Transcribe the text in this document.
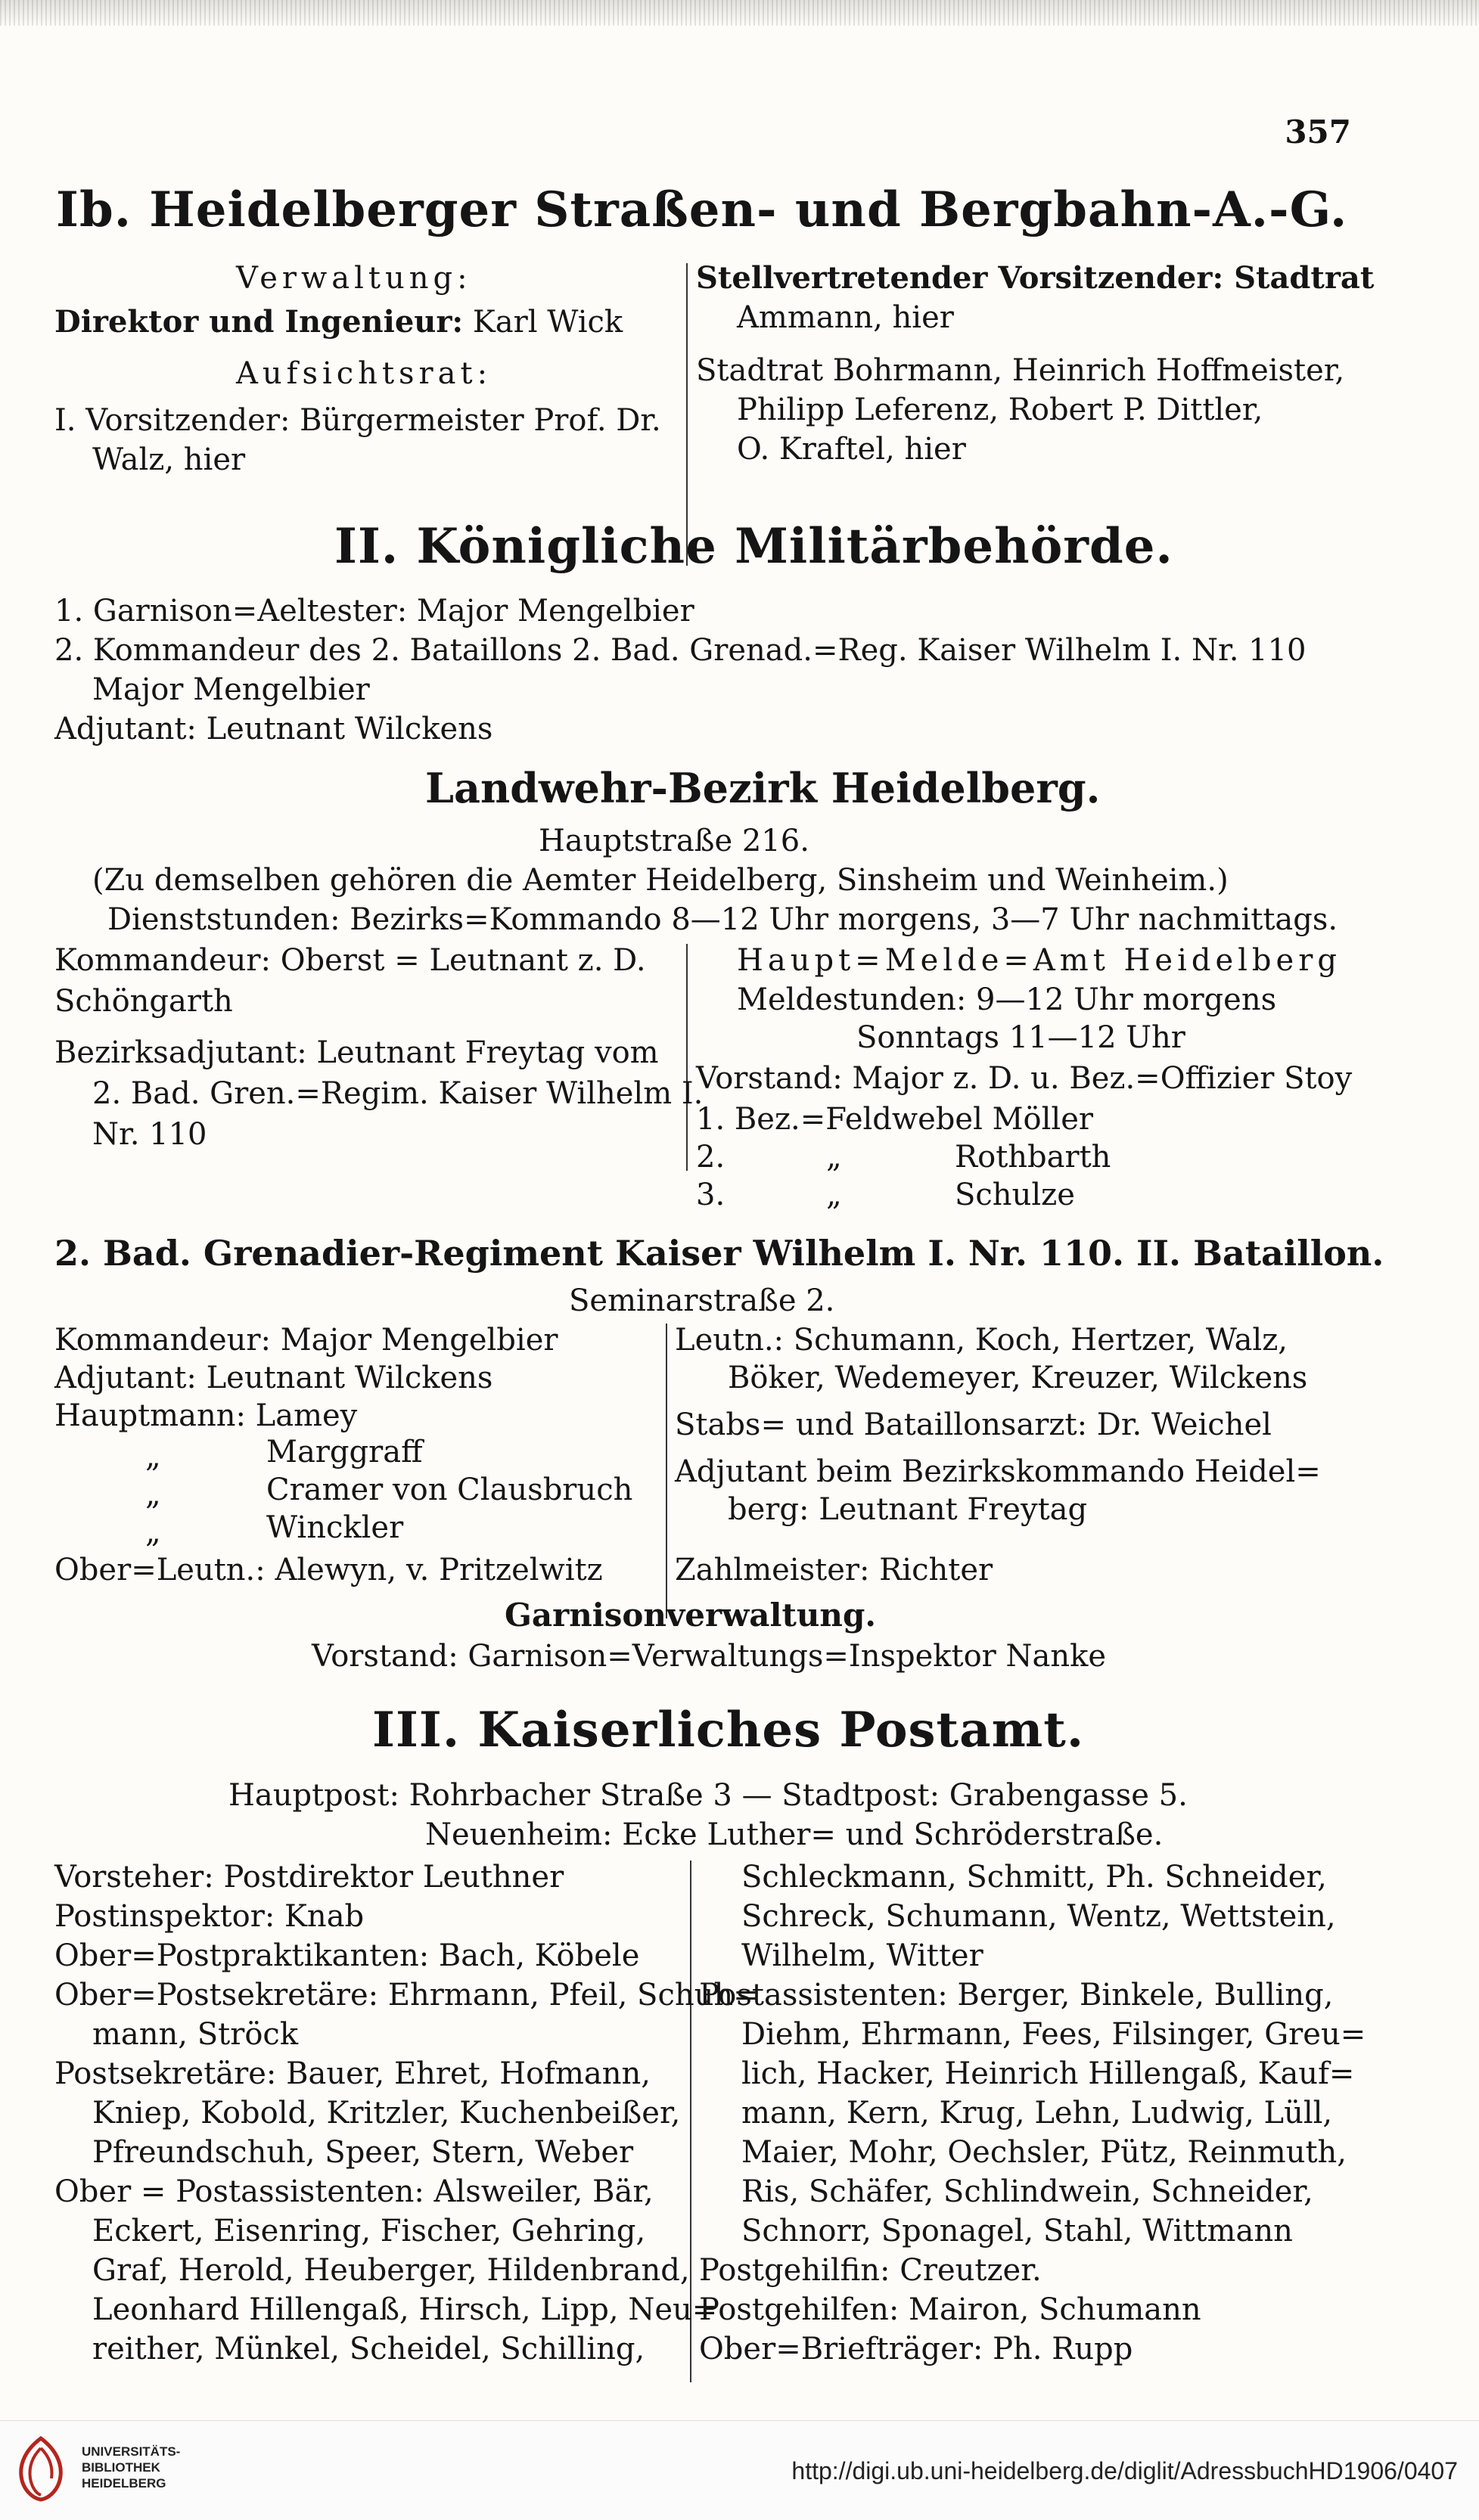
357
Ib. Heidelberger Straßen- und Bergbahn-A.-G.
Verwaltung:
Direktor und Ingenieur: Karl Wick
Aufsichtsrat:
I. Vorsitzender: Bürgermeister Prof. Dr.
Walz, hier
Stellvertretender Vorsitzender: Stadtrat
Ammann, hier
Stadtrat Bohrmann, Heinrich Hoffmeister,
Philipp Leferenz, Robert P. Dittler,
O. Kraftel, hier
II. Königliche Militärbehörde.
1. Garnison=Aeltester: Major Mengelbier
2. Kommandeur des 2. Bataillons 2. Bad. Grenad.=Reg. Kaiser Wilhelm I. Nr. 110
Major Mengelbier
Adjutant: Leutnant Wilckens
Landwehr-Bezirk Heidelberg.
Hauptstraße 216.
(Zu demselben gehören die Aemter Heidelberg, Sinsheim und Weinheim.)
Dienststunden: Bezirks=Kommando 8—12 Uhr morgens, 3—7 Uhr nachmittags.
Kommandeur: Oberst = Leutnant z. D.
Schöngarth
Bezirksadjutant: Leutnant Freytag vom
2. Bad. Gren.=Regim. Kaiser Wilhelm I.
Nr. 110
Haupt=Melde=Amt Heidelberg
Meldestunden: 9—12 Uhr morgens
Sonntags 11—12 Uhr
Vorstand: Major z. D. u. Bez.=Offizier Stoy
1. Bez.=Feldwebel Möller
2.	„	Rothbarth
3.	„	Schulze
2. Bad. Grenadier-Regiment Kaiser Wilhelm I. Nr. 110. II. Bataillon.
Seminarstraße 2.
Kommandeur: Major Mengelbier
Adjutant: Leutnant Wilckens
Hauptmann: Lamey
„	Marggraff
„	Cramer von Clausbruch
„	Winckler
Ober=Leutn.: Alewyn, v. Pritzelwitz
Leutn.: Schumann, Koch, Hertzer, Walz,
Böker, Wedemeyer, Kreuzer, Wilckens
Stabs= und Bataillonsarzt: Dr. Weichel
Adjutant beim Bezirkskommando Heidel=
berg: Leutnant Freytag
Zahlmeister: Richter
Garnisonverwaltung.
Vorstand: Garnison=Verwaltungs=Inspektor Nanke
III. Kaiserliches Postamt.
Hauptpost: Rohrbacher Straße 3 — Stadtpost: Grabengasse 5.
Neuenheim: Ecke Luther= und Schröderstraße.
Vorsteher: Postdirektor Leuthner
Postinspektor: Knab
Ober=Postpraktikanten: Bach, Köbele
Ober=Postsekretäre: Ehrmann, Pfeil, Schuh=
mann, Ströck
Postsekretäre: Bauer, Ehret, Hofmann,
Kniep, Kobold, Kritzler, Kuchenbeißer,
Pfreundschuh, Speer, Stern, Weber
Ober = Postassistenten: Alsweiler, Bär,
Eckert, Eisenring, Fischer, Gehring,
Graf, Herold, Heuberger, Hildenbrand,
Leonhard Hillengaß, Hirsch, Lipp, Neu=
reither, Münkel, Scheidel, Schilling,
Schleckmann, Schmitt, Ph. Schneider,
Schreck, Schumann, Wentz, Wettstein,
Wilhelm, Witter
Postassistenten: Berger, Binkele, Bulling,
Diehm, Ehrmann, Fees, Filsinger, Greu=
lich, Hacker, Heinrich Hillengaß, Kauf=
mann, Kern, Krug, Lehn, Ludwig, Lüll,
Maier, Mohr, Oechsler, Pütz, Reinmuth,
Ris, Schäfer, Schlindwein, Schneider,
Schnorr, Sponagel, Stahl, Wittmann
Postgehilfin: Creutzer.
Postgehilfen: Mairon, Schumann
Ober=Briefträger: Ph. Rupp
UNIVERSITÄTS-
BIBLIOTHEK
HEIDELBERG	http://digi.ub.uni-heidelberg.de/diglit/AdressbuchHD1906/0407
